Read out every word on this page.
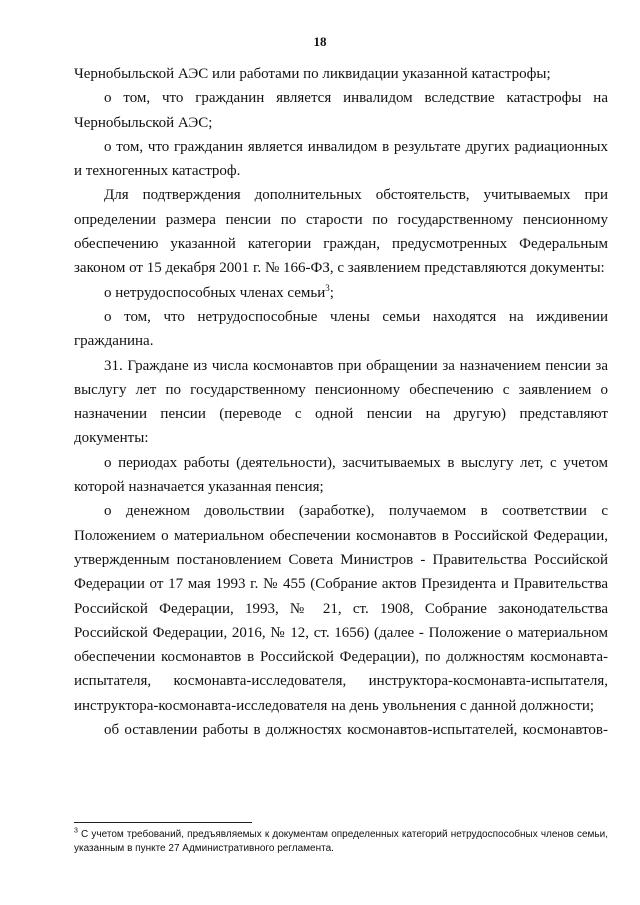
18

Чернобыльской АЭС или работами по ликвидации указанной катастрофы;

о том, что гражданин является инвалидом вследствие катастрофы на Чернобыльской АЭС;

о том, что гражданин является инвалидом в результате других радиационных и техногенных катастроф.

Для подтверждения дополнительных обстоятельств, учитываемых при определении размера пенсии по старости по государственному пенсионному обеспечению указанной категории граждан, предусмотренных Федеральным законом от 15 декабря 2001 г. № 166-ФЗ, с заявлением представляются документы:

о нетрудоспособных членах семьи$^3$;

о том, что нетрудоспособные члены семьи находятся на иждивении гражданина.

31. Граждане из числа космонавтов при обращении за назначением пенсии за выслугу лет по государственному пенсионному обеспечению с заявлением о назначении пенсии (переводе с одной пенсии на другую) представляют документы:

о периодах работы (деятельности), засчитываемых в выслугу лет, с учетом которой назначается указанная пенсия;

о денежном довольствии (заработке), получаемом в соответствии с Положением о материальном обеспечении космонавтов в Российской Федерации, утвержденным постановлением Совета Министров - Правительства Российской Федерации от 17 мая 1993 г. № 455 (Собрание актов Президента и Правительства Российской Федерации, 1993, № 21, ст. 1908, Собрание законодательства Российской Федерации, 2016, № 12, ст. 1656) (далее - Положение о материальном обеспечении космонавтов в Российской Федерации), по должностям космонавта-испытателя, космонавта-исследователя, инструктора-космонавта-испытателя, инструктора-космонавта-исследователя на день увольнения с данной должности;

об оставлении работы в должностях космонавтов-испытателей, космонавтов-

$^3$ С учетом требований, предъявляемых к документам определенных категорий нетрудоспособных членов семьи, указанным в пункте 27 Административного регламента.
